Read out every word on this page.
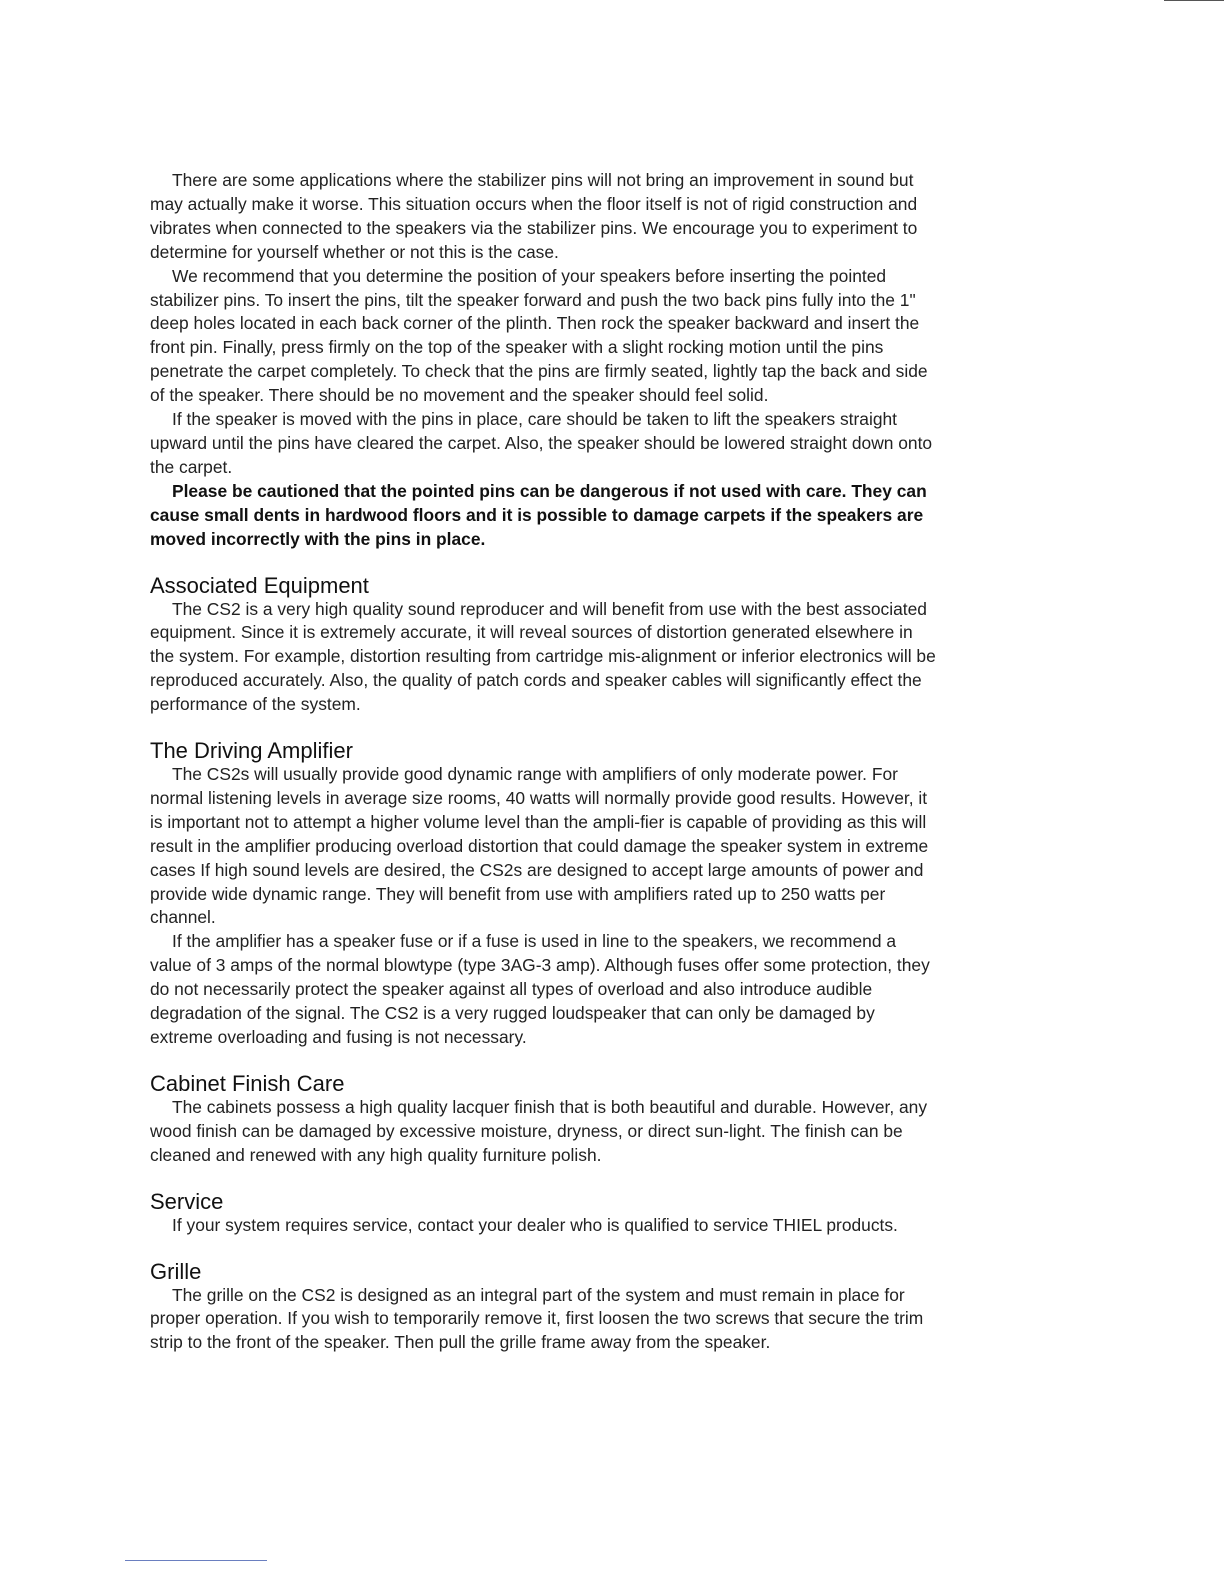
There are some applications where the stabilizer pins will not bring an improvement in sound but may actually make it worse. This situation occurs when the floor itself is not of rigid construction and vibrates when connected to the speakers via the stabilizer pins. We encourage you to experiment to determine for yourself whether or not this is the case.

We recommend that you determine the position of your speakers before inserting the pointed stabilizer pins. To insert the pins, tilt the speaker forward and push the two back pins fully into the 1" deep holes located in each back corner of the plinth. Then rock the speaker backward and insert the front pin. Finally, press firmly on the top of the speaker with a slight rocking motion until the pins penetrate the carpet completely. To check that the pins are firmly seated, lightly tap the back and side of the speaker. There should be no movement and the speaker should feel solid.

If the speaker is moved with the pins in place, care should be taken to lift the speakers straight upward until the pins have cleared the carpet. Also, the speaker should be lowered straight down onto the carpet.

Please be cautioned that the pointed pins can be dangerous if not used with care. They can cause small dents in hardwood floors and it is possible to damage carpets if the speakers are moved incorrectly with the pins in place.

Associated Equipment

The CS2 is a very high quality sound reproducer and will benefit from use with the best associated equipment. Since it is extremely accurate, it will reveal sources of distortion generated elsewhere in the system. For example, distortion resulting from cartridge mis-alignment or inferior electronics will be reproduced accurately. Also, the quality of patch cords and speaker cables will significantly effect the performance of the system.

The Driving Amplifier

The CS2s will usually provide good dynamic range with amplifiers of only moderate power. For normal listening levels in average size rooms, 40 watts will normally provide good results. However, it is important not to attempt a higher volume level than the ampli-fier is capable of providing as this will result in the amplifier producing overload distortion that could damage the speaker system in extreme cases If high sound levels are desired, the CS2s are designed to accept large amounts of power and provide wide dynamic range. They will benefit from use with amplifiers rated up to 250 watts per channel.

If the amplifier has a speaker fuse or if a fuse is used in line to the speakers, we recommend a value of 3 amps of the normal blowtype (type 3AG-3 amp). Although fuses offer some protection, they do not necessarily protect the speaker against all types of overload and also introduce audible degradation of the signal. The CS2 is a very rugged loudspeaker that can only be damaged by extreme overloading and fusing is not necessary.

Cabinet Finish Care

The cabinets possess a high quality lacquer finish that is both beautiful and durable. However, any wood finish can be damaged by excessive moisture, dryness, or direct sun-light. The finish can be cleaned and renewed with any high quality furniture polish.

Service

If your system requires service, contact your dealer who is qualified to service THIEL products.

Grille

The grille on the CS2 is designed as an integral part of the system and must remain in place for proper operation. If you wish to temporarily remove it, first loosen the two screws that secure the trim strip to the front of the speaker. Then pull the grille frame away from the speaker.
